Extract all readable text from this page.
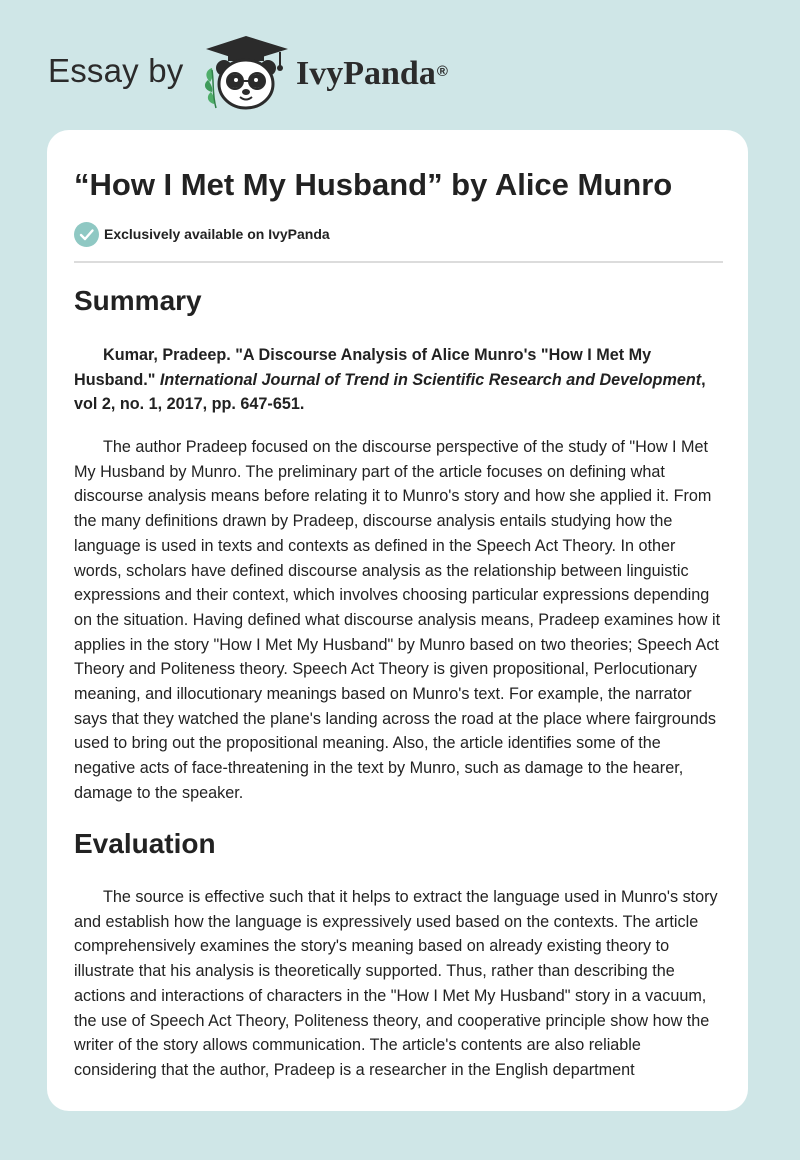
Essay by	IvyPanda®
“How I Met My Husband” by Alice Munro
Exclusively available on IvyPanda
Summary

Kumar, Pradeep. "A Discourse Analysis of Alice Munro's "How I Met My Husband." International Journal of Trend in Scientific Research and Development, vol 2, no. 1, 2017, pp. 647-651.

The author Pradeep focused on the discourse perspective of the study of "How I Met My Husband by Munro. The preliminary part of the article focuses on defining what discourse analysis means before relating it to Munro's story and how she applied it. From the many definitions drawn by Pradeep, discourse analysis entails studying how the language is used in texts and contexts as defined in the Speech Act Theory. In other words, scholars have defined discourse analysis as the relationship between linguistic expressions and their context, which involves choosing particular expressions depending on the situation. Having defined what discourse analysis means, Pradeep examines how it applies in the story "How I Met My Husband" by Munro based on two theories; Speech Act Theory and Politeness theory. Speech Act Theory is given propositional, Perlocutionary meaning, and illocutionary meanings based on Munro's text. For example, the narrator says that they watched the plane's landing across the road at the place where fairgrounds used to bring out the propositional meaning. Also, the article identifies some of the negative acts of face-threatening in the text by Munro, such as damage to the hearer, damage to the speaker.

Evaluation

The source is effective such that it helps to extract the language used in Munro's story and establish how the language is expressively used based on the contexts. The article comprehensively examines the story's meaning based on already existing theory to illustrate that his analysis is theoretically supported. Thus, rather than describing the actions and interactions of characters in the "How I Met My Husband" story in a vacuum, the use of Speech Act Theory, Politeness theory, and cooperative principle show how the writer of the story allows communication. The article's contents are also reliable considering that the author, Pradeep is a researcher in the English department
